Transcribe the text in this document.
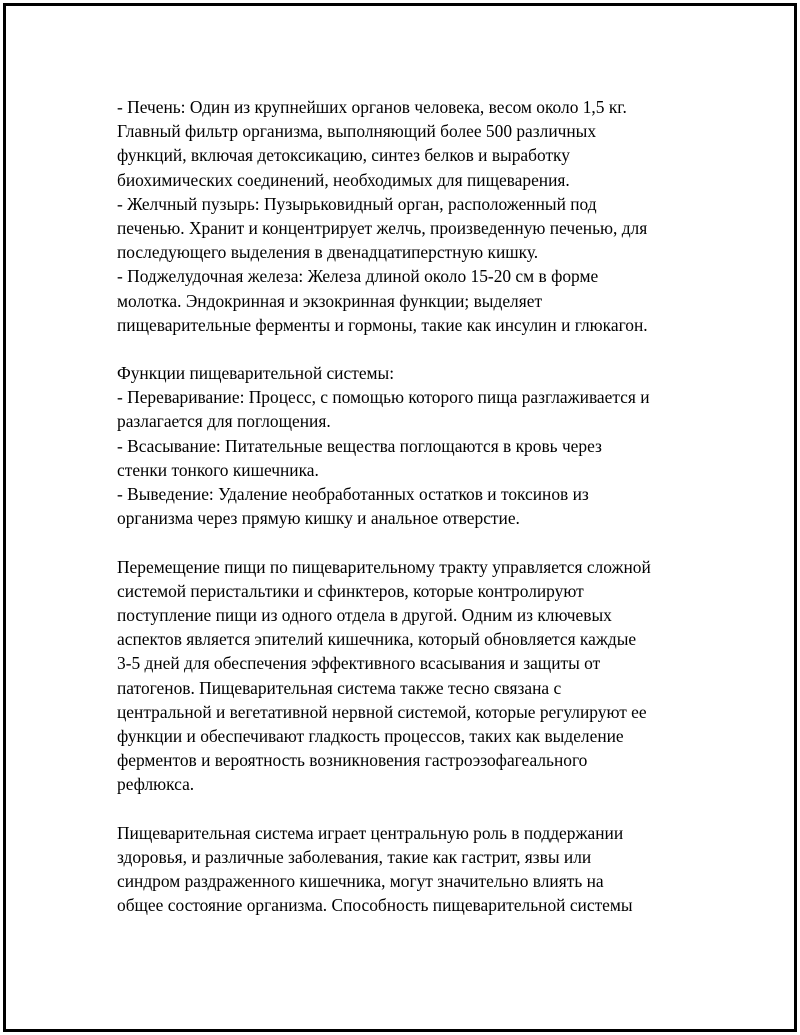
- Печень: Один из крупнейших органов человека, весом около 1,5 кг.
Главный фильтр организма, выполняющий более 500 различных
функций, включая детоксикацию, синтез белков и выработку
биохимических соединений, необходимых для пищеварения.
- Желчный пузырь: Пузырьковидный орган, расположенный под
печенью. Хранит и концентрирует желчь, произведенную печенью, для
последующего выделения в двенадцатиперстную кишку.
- Поджелудочная железа: Железа длиной около 15-20 см в форме
молотка. Эндокринная и экзокринная функции; выделяет
пищеварительные ферменты и гормоны, такие как инсулин и глюкагон.
Функции пищеварительной системы:
- Переваривание: Процесс, с помощью которого пища разглаживается и
разлагается для поглощения.
- Всасывание: Питательные вещества поглощаются в кровь через
стенки тонкого кишечника.
- Выведение: Удаление необработанных остатков и токсинов из
организма через прямую кишку и анальное отверстие.
Перемещение пищи по пищеварительному тракту управляется сложной
системой перистальтики и сфинктеров, которые контролируют
поступление пищи из одного отдела в другой. Одним из ключевых
аспектов является эпителий кишечника, который обновляется каждые
3-5 дней для обеспечения эффективного всасывания и защиты от
патогенов. Пищеварительная система также тесно связана с
центральной и вегетативной нервной системой, которые регулируют ее
функции и обеспечивают гладкость процессов, таких как выделение
ферментов и вероятность возникновения гастроэзофагеального
рефлюкса.
Пищеварительная система играет центральную роль в поддержании
здоровья, и различные заболевания, такие как гастрит, язвы или
синдром раздраженного кишечника, могут значительно влиять на
общее состояние организма. Способность пищеварительной системы
